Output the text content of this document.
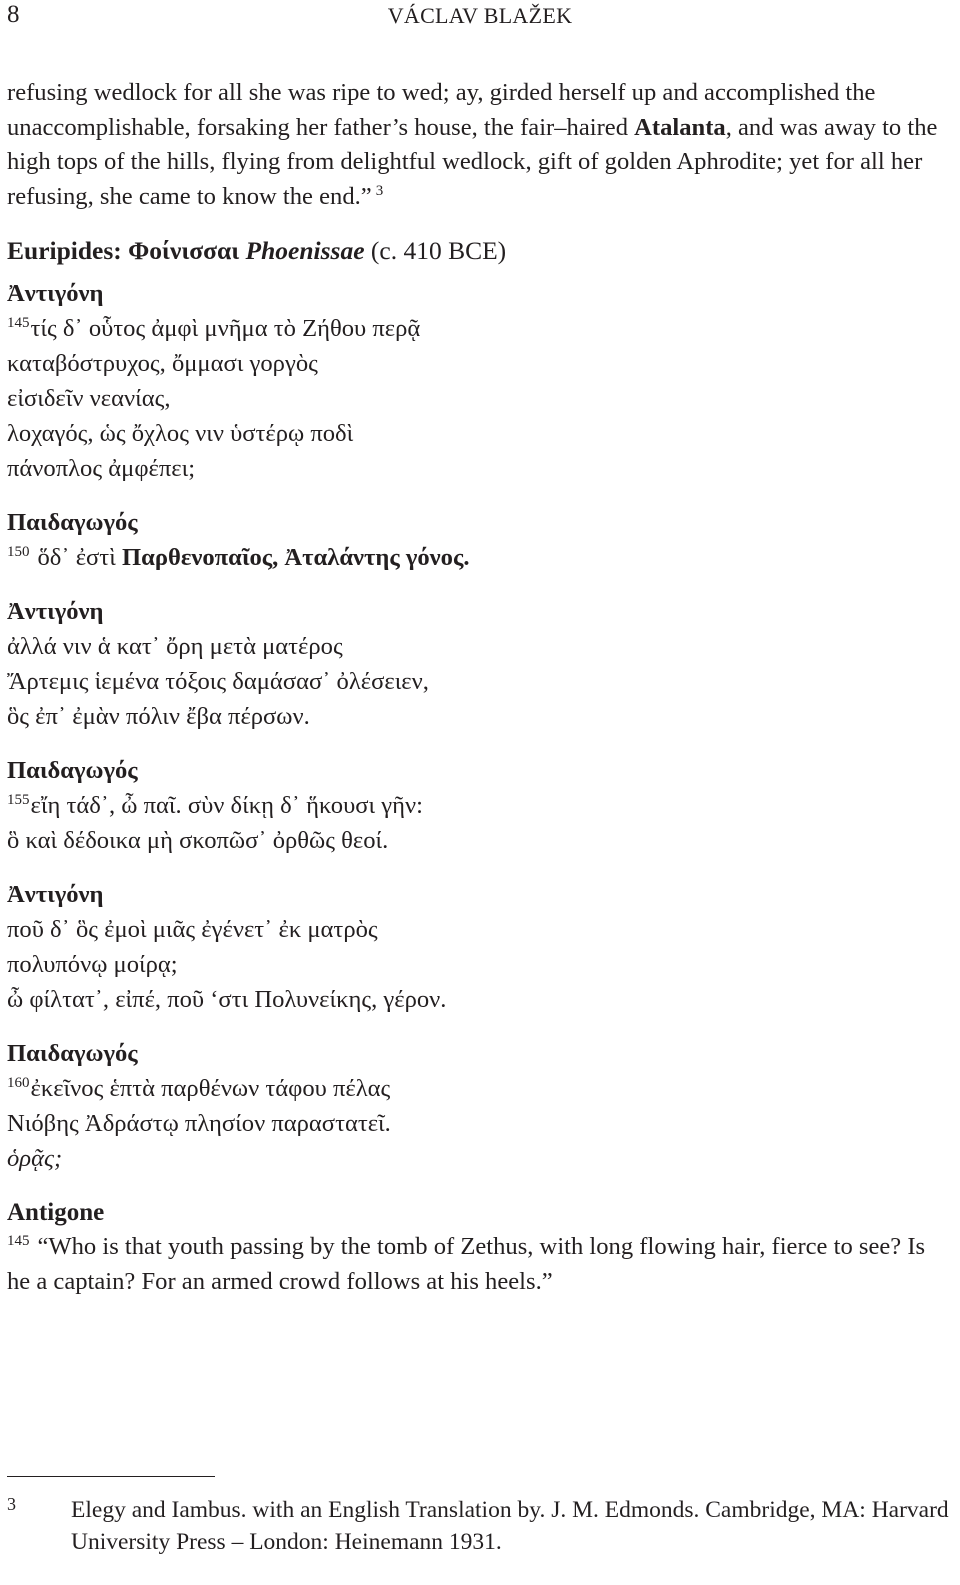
8	VÁCLAV BLAŽEK

refusing wedlock for all she was ripe to wed; ay, girded herself up and accomplished the unaccomplishable, forsaking her father’s house, the fair–haired Atalanta, and was away to the high tops of the hills, flying from delightful wedlock, gift of golden Aphrodite; yet for all her refusing, she came to know the end.” $^3$

Euripides: Φοίνισσαι Phoenissae (c. 410 BCE)
Ἀντιγόνη
$^{145}$τίς δ᾽ οὗτος ἀμφὶ μνῆμα τὸ Ζήθου περᾷ
καταβόστρυχος, ὄμμασι γοργὸς
εἰσιδεῖν νεανίας,
λοχαγός, ὡς ὄχλος νιν ὑστέρῳ ποδὶ
πάνοπλος ἀμφέπει;
Παιδαγωγός
$^{150}$ ὅδ᾽ ἐστὶ Παρθενοπαῖος, Ἀταλάντης γόνος.
Ἀντιγόνη
ἀλλά νιν ἁ κατ᾽ ὄρη μετὰ ματέρος
Ἄρτεμις ἱεμένα τόξοις δαμάσασ᾽ ὀλέσειεν,
ὃς ἐπ᾽ ἐμὰν πόλιν ἔβα πέρσων.
Παιδαγωγός
$^{155}$εἴη τάδ᾽, ὦ παῖ. σὺν δίκῃ δ᾽ ἥκουσι γῆν:
ὃ καὶ δέδοικα μὴ σκοπῶσ᾽ ὀρθῶς θεοί.
Ἀντιγόνη
ποῦ δ᾽ ὃς ἐμοὶ μιᾶς ἐγένετ᾽ ἐκ ματρὸς
πολυπόνῳ μοίρᾳ;
ὦ φίλτατ᾽, εἰπέ, ποῦ ‘στι Πολυνείκης, γέρον.
Παιδαγωγός
$^{160}$ἐκεῖνος ἑπτὰ παρθένων τάφου πέλας
Νιόβης Ἀδράστῳ πλησίον παραστατεῖ.
ὁρᾷς;
Antigone

$^{145}$ “Who is that youth passing by the tomb of Zethus, with long flowing hair, fierce to see? Is he a captain? For an armed crowd follows at his heels.”

3 Elegy and Iambus. with an English Translation by. J. M. Edmonds. Cambridge, MA: Harvard University Press – London: Heinemann 1931.
